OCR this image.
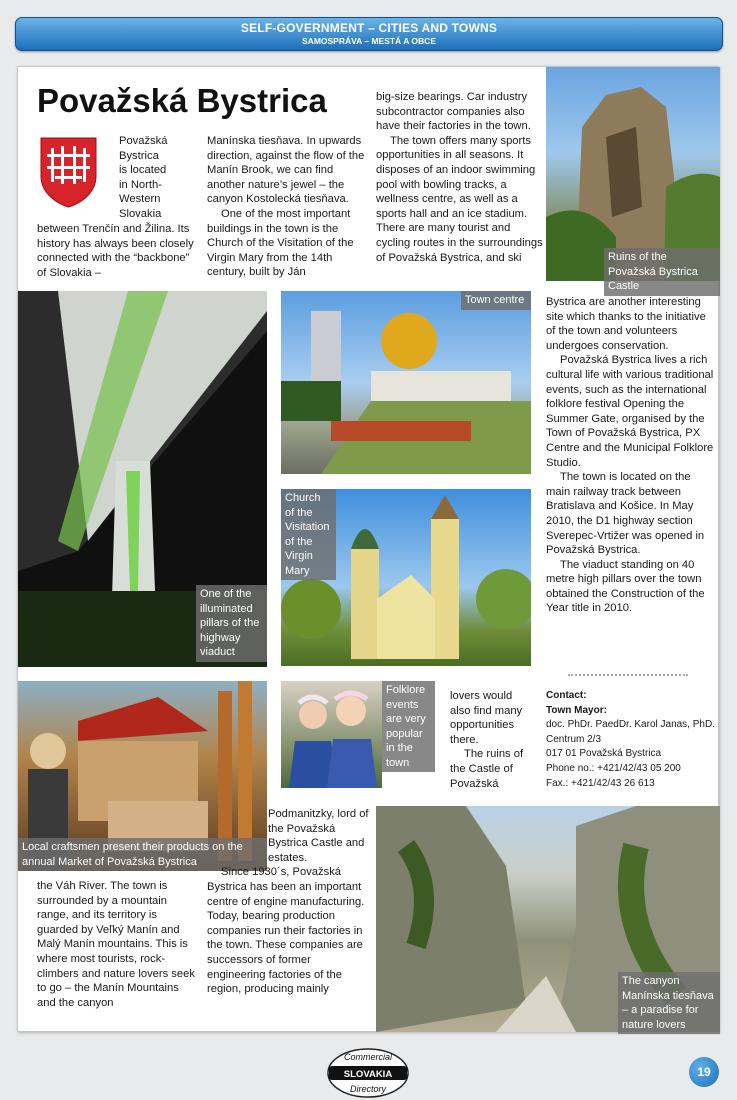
SELF-GOVERNMENT – CITIES AND TOWNS
SAMOSPRÁVA – MESTÁ A OBCE
Považská Bystrica
Považská
Bystrica
is located
in North-
Western
Slovakia
between Trenčín and Žilina. Its history has always been closely connected with the “backbone” of Slovakia –
Manínska tiesňava. In upwards direction, against the flow of the Manín Brook, we can find another nature’s jewel – the canyon Kostolecká tiesňava.
One of the most important buildings in the town is the Church of the Visitation of the Virgin Mary from the 14th century, built by Ján
big-size bearings. Car industry subcontractor companies also have their factories in the town.
The town offers many sports opportunities in all seasons. It disposes of an indoor swimming pool with bowling tracks, a wellness centre, as well as a sports hall and an ice stadium. There are many tourist and cycling routes in the surroundings of Považská Bystrica, and ski	Ruins of the Považská Bystrica Castle
One of the illuminated pillars of the highway viaduct
Town centre
Church of the Visitation of the Virgin Mary
Bystrica are another interesting site which thanks to the initiative of the town and volunteers undergoes conservation.
Považská Bystrica lives a rich cultural life with various traditional events, such as the international folklore festival Opening the Summer Gate, organised by the Town of Považská Bystrica, PX Centre and the Municipal Folklore Studio.
The town is located on the main railway track between Bratislava and Košice. In May 2010, the D1 highway section Sverepec-Vrtižer was opened in Považská Bystrica.
The viaduct standing on 40 metre high pillars over the town obtained the Construction of the Year title in 2010.
Local craftsmen present their products on the annual Market of Považská Bystrica
Folklore events are very popular in the town
lovers would also find many opportunities there.
The ruins of the Castle of Považská
Contact:
Town Mayor:
doc. PhDr. PaedDr. Karol Janas, PhD.
Centrum 2/3
017 01 Považská Bystrica
Phone no.: +421/42/43 05 200
Fax.: +421/42/43 26 613
The canyon Manínska tiesňava – a paradise for nature lovers
the Váh River. The town is surrounded by a mountain range, and its territory is guarded by Veľký Manín and Malý Manín mountains. This is where most tourists, rock-climbers and nature lovers seek to go – the Manín Mountains and the canyon
Podmanitzky, lord of the Považská Bystrica Castle and estates.
Since 1930´s, Považská Bystrica has been an important centre of engine manufacturing. Today, bearing production companies run their factories in the town. These companies are successors of former engineering factories of the region, producing mainly
Commercial
SLOVAKIA
Directory
19
